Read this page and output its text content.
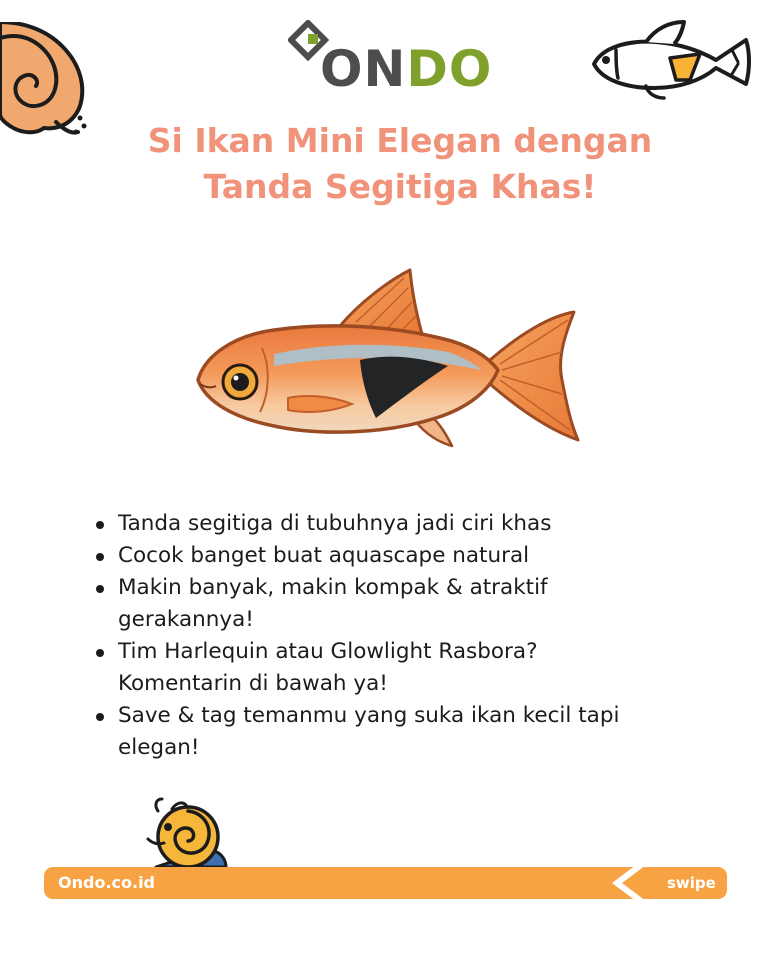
ONDO
Si Ikan Mini Elegan dengan
Tanda Segitiga Khas!
Tanda segitiga di tubuhnya jadi ciri khas
Cocok banget buat aquascape natural
Makin banyak, makin kompak & atraktif gerakannya!
Tim Harlequin atau Glowlight Rasbora? Komentarin di bawah ya!
Save & tag temanmu yang suka ikan kecil tapi elegan!
Ondo.co.id	swipe
